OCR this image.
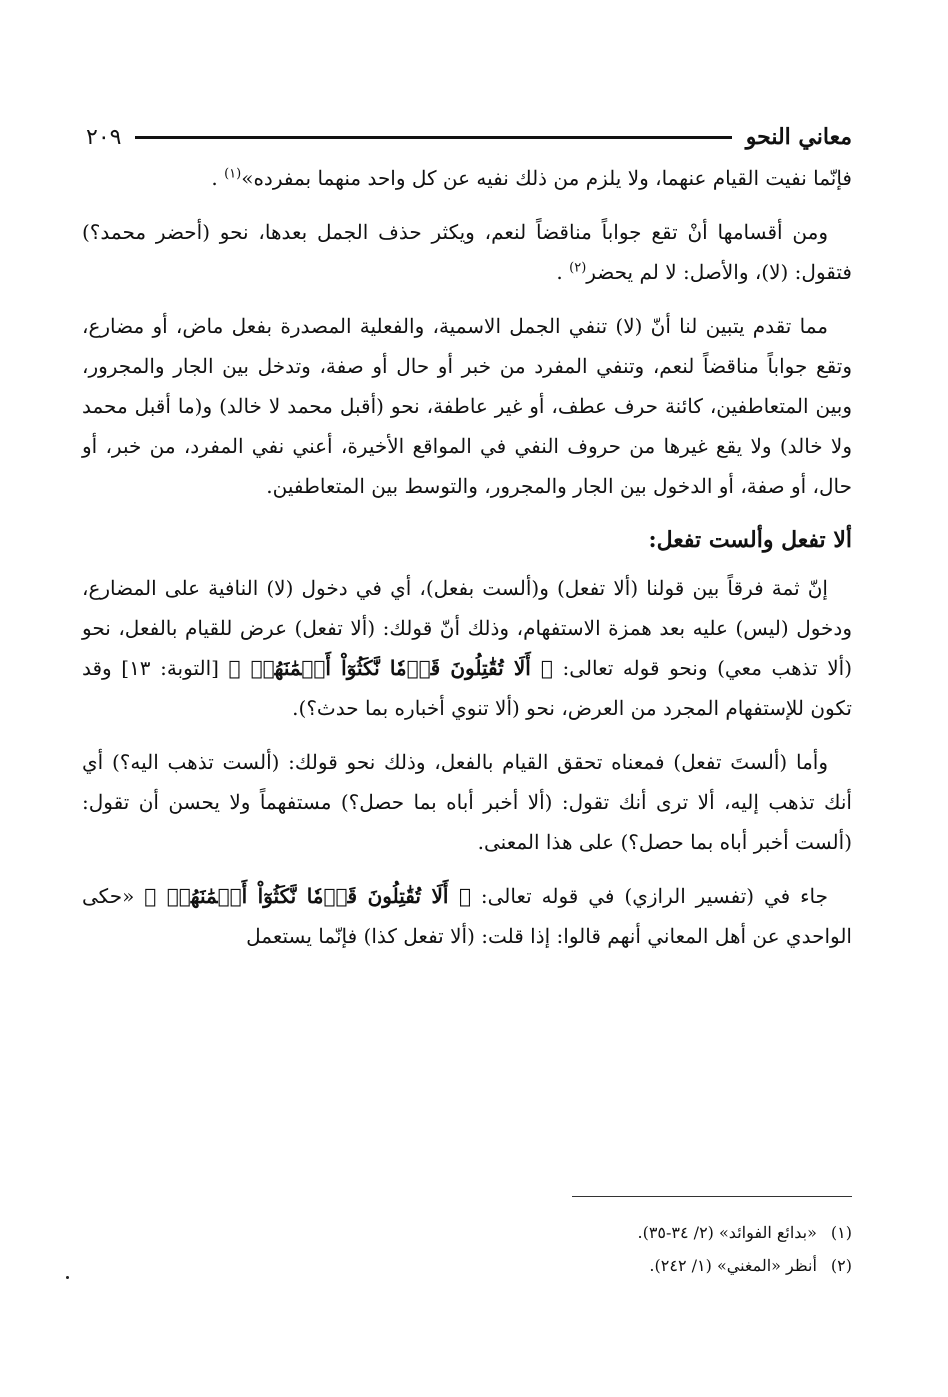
معاني النحو
٢٠٩

فإنّما نفيت القيام عنهما، ولا يلزم من ذلك نفيه عن كل واحد منهما بمفرده»$^{(١)}$ .

ومن أقسامها أنْ تقع جواباً مناقضاً لنعم، ويكثر حذف الجمل بعدها، نحو (أحضر محمد؟) فتقول: (لا)، والأصل: لا لم يحضر$^{(٢)}$ .

مما تقدم يتبين لنا أنّ (لا) تنفي الجمل الاسمية، والفعلية المصدرة بفعل ماض، أو مضارع، وتقع جواباً مناقضاً لنعم، وتنفي المفرد من خبر أو حال أو صفة، وتدخل بين الجار والمجرور، وبين المتعاطفين، كائنة حرف عطف، أو غير عاطفة، نحو (أقبل محمد لا خالد) و(ما أقبل محمد ولا خالد) ولا يقع غيرها من حروف النفي في المواقع الأخيرة، أعني نفي المفرد، من خبر، أو حال، أو صفة، أو الدخول بين الجار والمجرور، والتوسط بين المتعاطفين.

ألا تفعل وألست تفعل:

إنّ ثمة فرقاً بين قولنا (ألا تفعل) و(ألست بفعل)، أي في دخول (لا) النافية على المضارع، ودخول (ليس) عليه بعد همزة الاستفهام، وذلك أنّ قولك: (ألا تفعل) عرض للقيام بالفعل، نحو (ألا تذهب معي) ونحو قوله تعالى: ﴿ أَلَا تُقَٰتِلُونَ قَوۡمٗا نَّكَثُوٓاْ أَيۡمَٰنَهُمۡ ﴾ [التوبة: ١٣] وقد تكون للإستفهام المجرد من العرض، نحو (ألا تنوي أخباره بما حدث؟).

وأما (ألستَ تفعل) فمعناه تحقق القيام بالفعل، وذلك نحو قولك: (ألست تذهب اليه؟) أي أنك تذهب إليه، ألا ترى أنك تقول: (ألا أخبر أباه بما حصل؟) مستفهماً ولا يحسن أن تقول: (ألست أخبر أباه بما حصل؟) على هذا المعنى.

جاء في (تفسير الرازي) في قوله تعالى: ﴿ أَلَا تُقَٰتِلُونَ قَوۡمٗا نَّكَثُوٓاْ أَيۡمَٰنَهُمۡ ﴾ «حكى الواحدي عن أهل المعاني أنهم قالوا: إذا قلت: (ألا تفعل كذا) فإنّما يستعمل

(١)
«بدائع الفوائد» (٢/ ٣٤-٣٥).
(٢)
أنظر «المغني» (١/ ٢٤٢).
